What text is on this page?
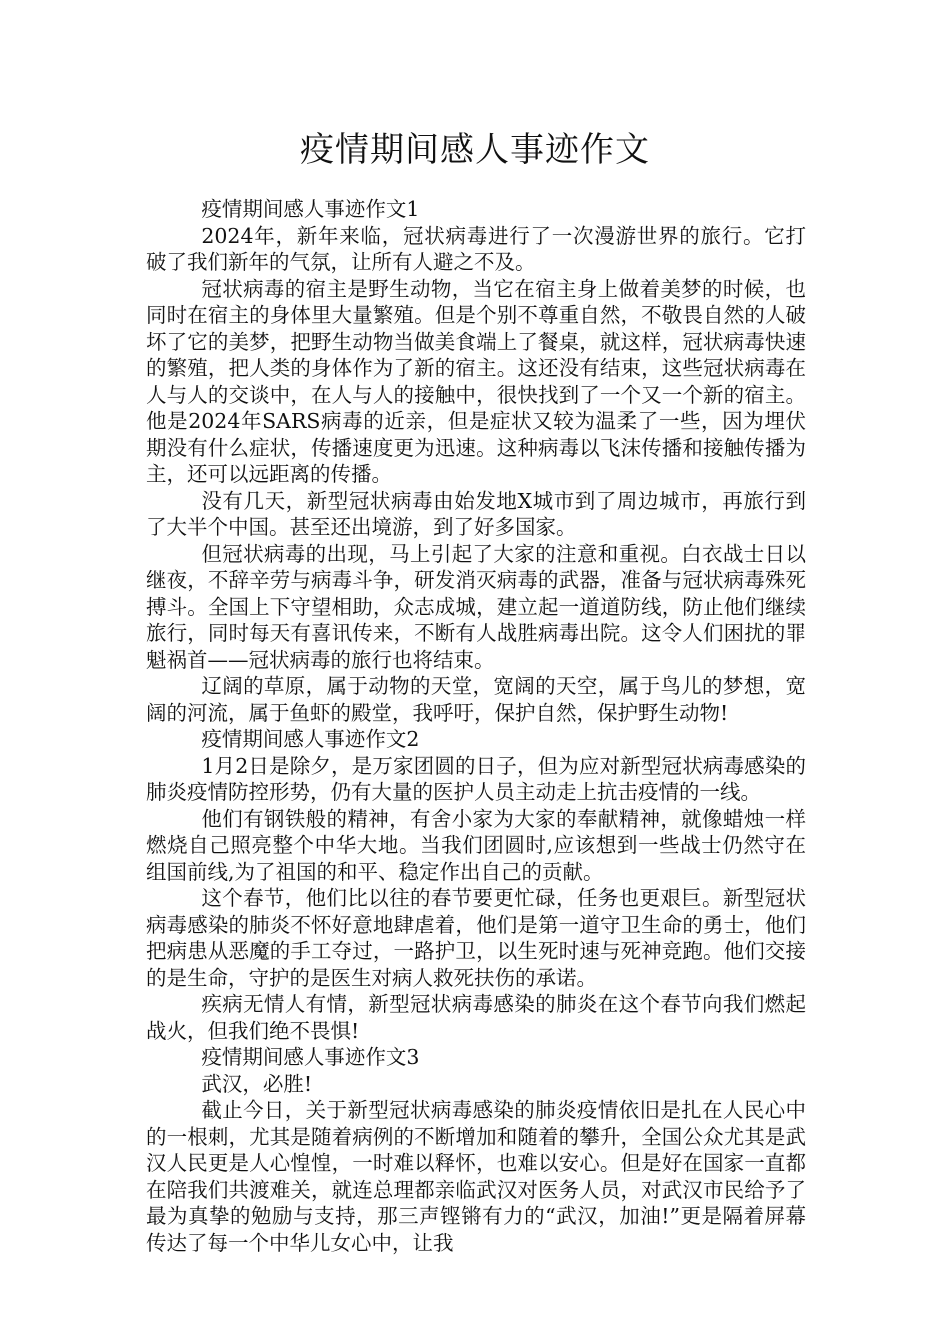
疫情期间感人事迹作文

疫情期间感人事迹作文1

2024年，新年来临，冠状病毒进行了一次漫游世界的旅行。它打破了我们新年的气氛，让所有人避之不及。

冠状病毒的宿主是野生动物，当它在宿主身上做着美梦的时候，也同时在宿主的身体里大量繁殖。但是个别不尊重自然，不敬畏自然的人破坏了它的美梦，把野生动物当做美食端上了餐桌，就这样，冠状病毒快速的繁殖，把人类的身体作为了新的宿主。这还没有结束，这些冠状病毒在人与人的交谈中，在人与人的接触中，很快找到了一个又一个新的宿主。他是2024年SARS病毒的近亲，但是症状又较为温柔了一些，因为埋伏期没有什么症状，传播速度更为迅速。这种病毒以飞沫传播和接触传播为主，还可以远距离的传播。

没有几天，新型冠状病毒由始发地X城市到了周边城市，再旅行到了大半个中国。甚至还出境游，到了好多国家。

但冠状病毒的出现，马上引起了大家的注意和重视。白衣战士日以继夜，不辞辛劳与病毒斗争，研发消灭病毒的武器，准备与冠状病毒殊死搏斗。全国上下守望相助，众志成城，建立起一道道防线，防止他们继续旅行，同时每天有喜讯传来，不断有人战胜病毒出院。这令人们困扰的罪魁祸首——冠状病毒的旅行也将结束。

辽阔的草原，属于动物的天堂，宽阔的天空，属于鸟儿的梦想，宽阔的河流，属于鱼虾的殿堂，我呼吁，保护自然，保护野生动物!

疫情期间感人事迹作文2

1月2日是除夕，是万家团圆的日子，但为应对新型冠状病毒感染的肺炎疫情防控形势，仍有大量的医护人员主动走上抗击疫情的一线。

他们有钢铁般的精神，有舍小家为大家的奉献精神，就像蜡烛一样燃烧自己照亮整个中华大地。当我们团圆时,应该想到一些战士仍然守在组国前线,为了祖国的和平、稳定作出自己的贡献。

这个春节，他们比以往的春节要更忙碌，任务也更艰巨。新型冠状病毒感染的肺炎不怀好意地肆虐着，他们是第一道守卫生命的勇士，他们把病患从恶魔的手工夺过，一路护卫，以生死时速与死神竞跑。他们交接的是生命，守护的是医生对病人救死扶伤的承诺。

疾病无情人有情，新型冠状病毒感染的肺炎在这个春节向我们燃起战火，但我们绝不畏惧!

疫情期间感人事迹作文3

武汉，必胜!

截止今日，关于新型冠状病毒感染的肺炎疫情依旧是扎在人民心中的一根刺，尤其是随着病例的不断增加和随着的攀升，全国公众尤其是武汉人民更是人心惶惶，一时难以释怀，也难以安心。但是好在国家一直都在陪我们共渡难关，就连总理都亲临武汉对医务人员，对武汉市民给予了最为真挚的勉励与支持，那三声铿锵有力的“武汉，加油!”更是隔着屏幕传达了每一个中华儿女心中，让我
